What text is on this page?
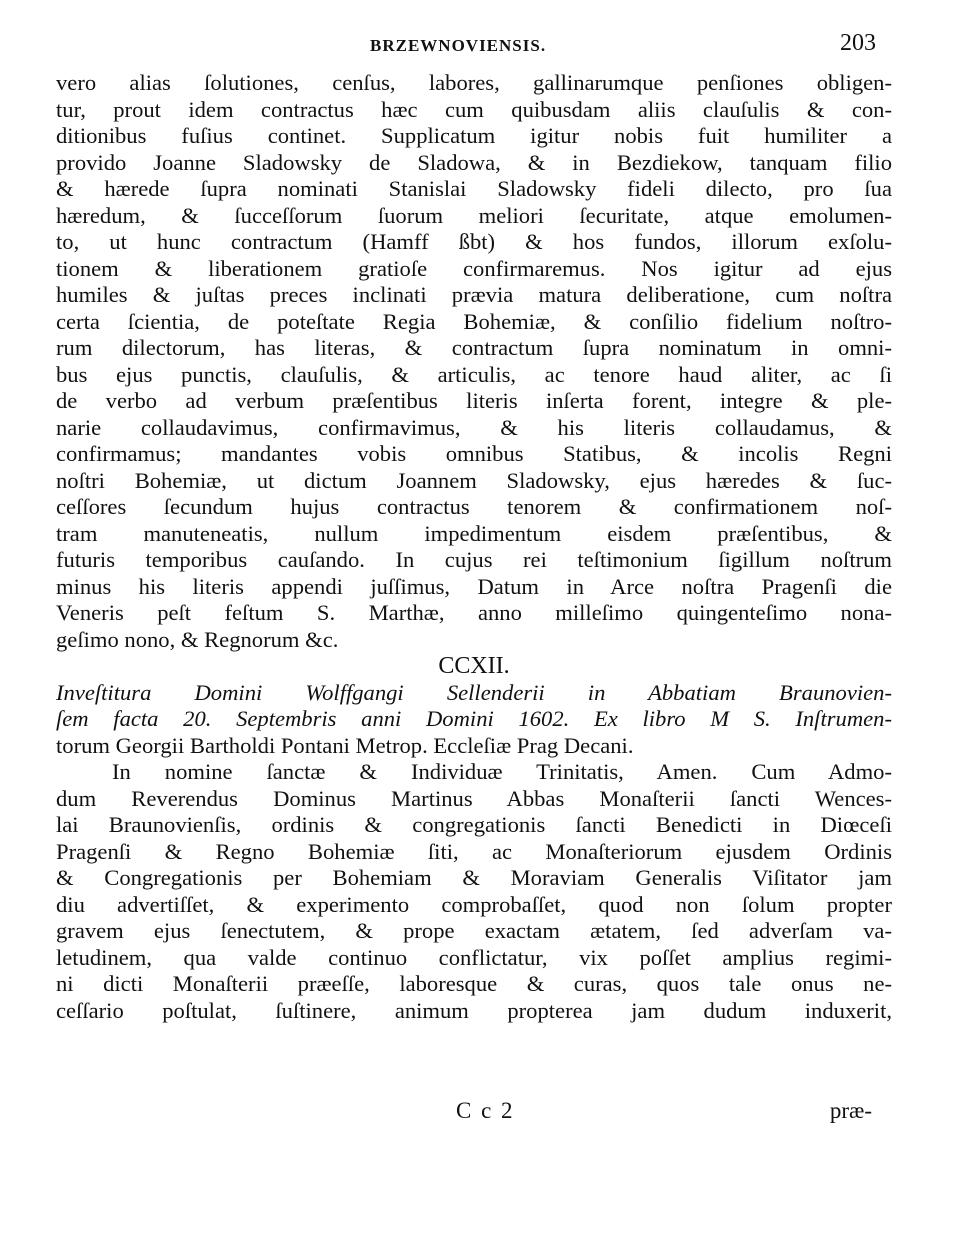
BRZEWNOVIENSIS.	203
vero alias ſolutiones, cenſus, labores, gallinarumque penſiones obligen-
tur, prout idem contractus hæc cum quibusdam aliis clauſulis & con-
ditionibus fuſius continet. Supplicatum igitur nobis fuit humiliter a
provido Joanne Sladowsky de Sladowa, & in Bezdiekow, tanquam filio
& hærede ſupra nominati Stanislai Sladowsky fideli dilecto, pro ſua
hæredum, & ſucceſſorum ſuorum meliori ſecuritate, atque emolumen-
to, ut hunc contractum (Hamff ßbt) & hos fundos, illorum exſolu-
tionem & liberationem gratioſe confirmaremus. Nos igitur ad ejus
humiles & juſtas preces inclinati prævia matura deliberatione, cum noſtra
certa ſcientia, de poteſtate Regia Bohemiæ, & conſilio fidelium noſtro-
rum dilectorum, has literas, & contractum ſupra nominatum in omni-
bus ejus punctis, clauſulis, & articulis, ac tenore haud aliter, ac ſi
de verbo ad verbum præſentibus literis inſerta forent, integre & ple-
narie collaudavimus, confirmavimus, & his literis collaudamus, &
confirmamus; mandantes vobis omnibus Statibus, & incolis Regni
noſtri Bohemiæ, ut dictum Joannem Sladowsky, ejus hæredes & ſuc-
ceſſores ſecundum hujus contractus tenorem & confirmationem noſ-
tram manuteneatis, nullum impedimentum eisdem præſentibus, &
futuris temporibus cauſando. In cujus rei teſtimonium ſigillum noſtrum
minus his literis appendi juſſimus, Datum in Arce noſtra Pragenſi die
Veneris peſt feſtum S. Marthæ, anno milleſimo quingenteſimo nona-
geſimo nono, & Regnorum &c.
CCXII.
Inveſtitura Domini Wolffgangi Sellenderii in Abbatiam Braunovien-
ſem facta 20. Septembris anni Domini 1602. Ex libro M S. Inſtrumen-
torum Georgii Bartholdi Pontani Metrop. Eccleſiæ Prag Decani.
In nomine ſanctæ & Individuæ Trinitatis, Amen. Cum Admo-
dum Reverendus Dominus Martinus Abbas Monaſterii ſancti Wences-
lai Braunovienſis, ordinis & congregationis ſancti Benedicti in Diœceſi
Pragenſi & Regno Bohemiæ ſiti, ac Monaſteriorum ejusdem Ordinis
& Congregationis per Bohemiam & Moraviam Generalis Viſitator jam
diu advertiſſet, & experimento comprobaſſet, quod non ſolum propter
gravem ejus ſenectutem, & prope exactam ætatem, ſed adverſam va-
letudinem, qua valde continuo conflictatur, vix poſſet amplius regimi-
ni dicti Monaſterii præeſſe, laboresque & curas, quos tale onus ne-
ceſſario poſtulat, ſuſtinere, animum propterea jam dudum induxerit,
C c 2	præ-
